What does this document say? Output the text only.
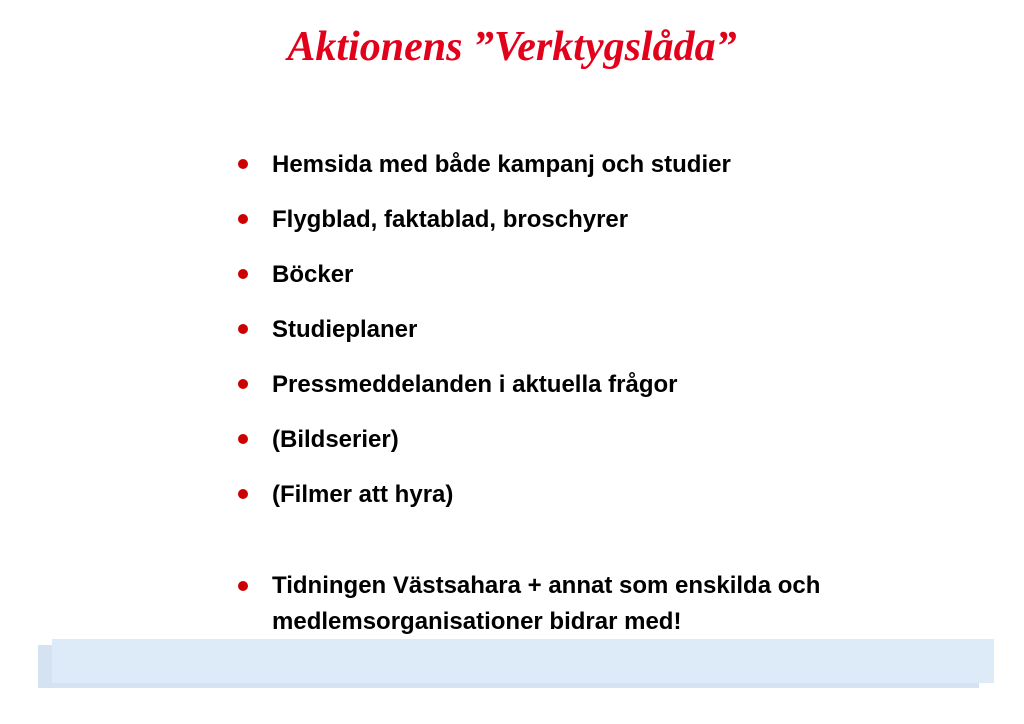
Aktionens ”Verktygslåda”
Hemsida med både kampanj och studier
Flygblad, faktablad, broschyrer
Böcker
Studieplaner
Pressmeddelanden i aktuella frågor
(Bildserier)
(Filmer att hyra)
Tidningen Västsahara + annat som enskilda och medlemsorganisationer bidrar med!
